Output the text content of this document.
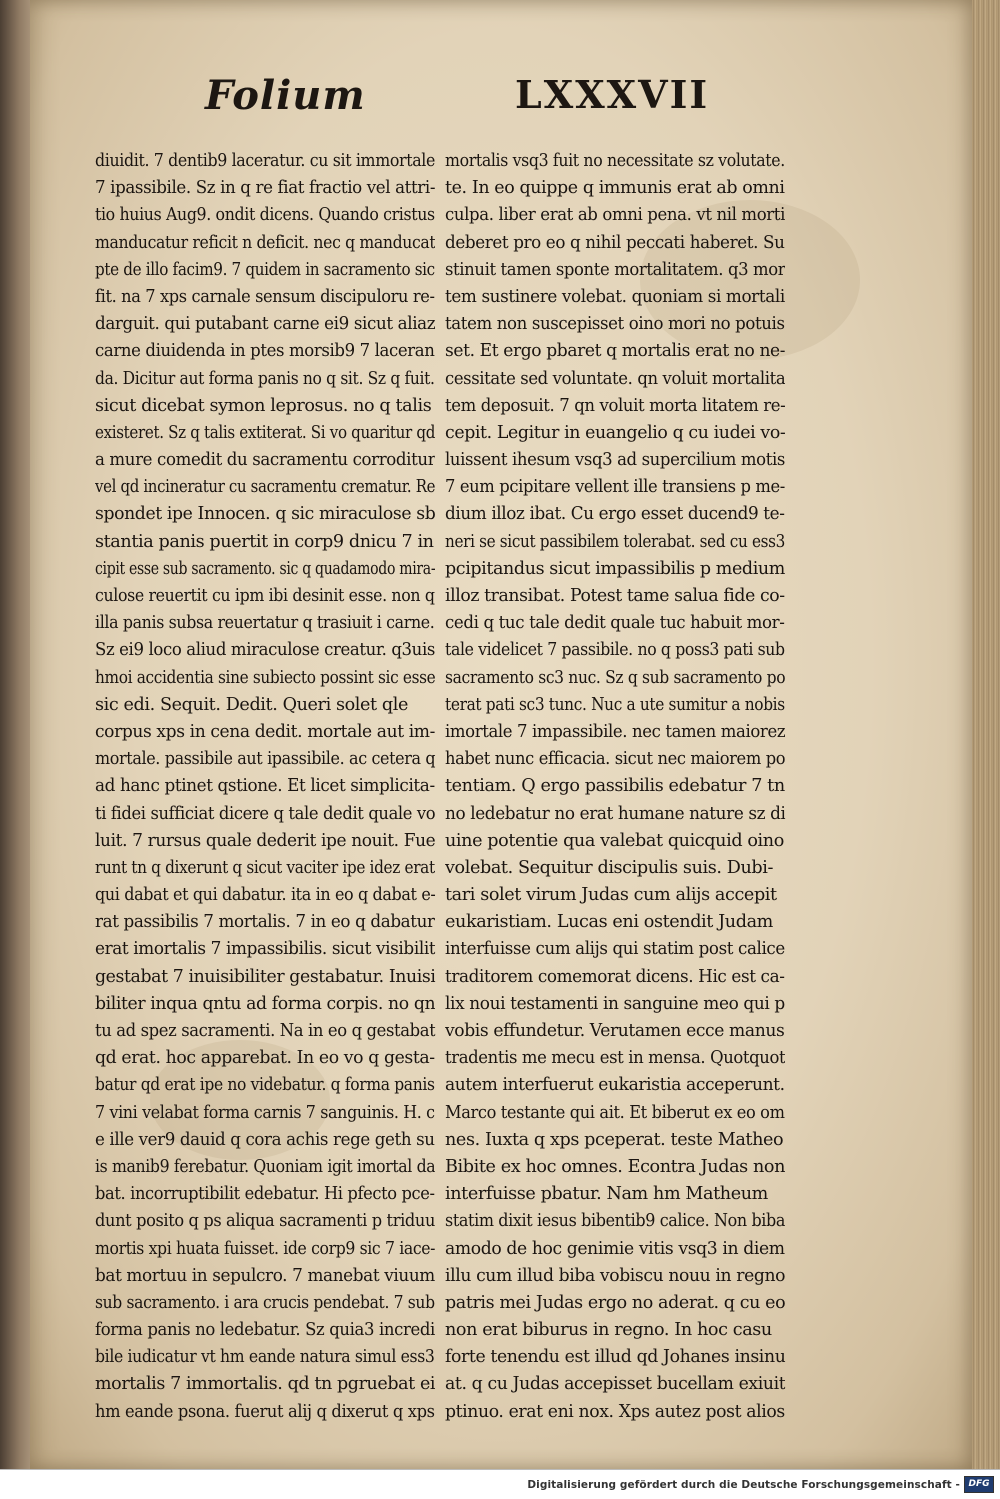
Folium	LXXXVII
diuidit. 7 dentib9 laceratur. cu sit immortale
7 ipassibile. Sz in q re fiat fractio vel attri-
tio huius Aug9. ondit dicens. Quando cristus
manducatur reficit n deficit. nec q manducat
pte de illo facim9. 7 quidem in sacramento sic
fit. na 7 xps carnale sensum discipuloru re-
darguit. qui putabant carne ei9 sicut aliaz
carne diuidenda in ptes morsib9 7 laceran
da. Dicitur aut forma panis no q sit. Sz q fuit.
sicut dicebat symon leprosus. no q talis
existeret. Sz q talis extiterat. Si vo quaritur qd
a mure comedit du sacramentu corroditur
vel qd incineratur cu sacramentu crematur. Re
spondet ipe Innocen. q sic miraculose sb
stantia panis puertit in corp9 dnicu 7 in
cipit esse sub sacramento. sic q quadamodo mira-
culose reuertit cu ipm ibi desinit esse. non q
illa panis subsa reuertatur q trasiuit i carne.
Sz ei9 loco aliud miraculose creatur. q3uis
hmoi accidentia sine subiecto possint sic esse
sic edi. Sequit. Dedit. Queri solet qle
corpus xps in cena dedit. mortale aut im-
mortale. passibile aut ipassibile. ac cetera q
ad hanc ptinet qstione. Et licet simplicita-
ti fidei sufficiat dicere q tale dedit quale vo
luit. 7 rursus quale dederit ipe nouit. Fue
runt tn q dixerunt q sicut vaciter ipe idez erat
qui dabat et qui dabatur. ita in eo q dabat e-
rat passibilis 7 mortalis. 7 in eo q dabatur
erat imortalis 7 impassibilis. sicut visibilit
gestabat 7 inuisibiliter gestabatur. Inuisi
biliter inqua qntu ad forma corpis. no qn
tu ad spez sacramenti. Na in eo q gestabat
qd erat. hoc apparebat. In eo vo q gesta-
batur qd erat ipe no videbatur. q forma panis
7 vini velabat forma carnis 7 sanguinis. H. c
e ille ver9 dauid q cora achis rege geth su
is manib9 ferebatur. Quoniam igit imortal da
bat. incorruptibilit edebatur. Hi pfecto pce-
dunt posito q ps aliqua sacramenti p triduu
mortis xpi huata fuisset. ide corp9 sic 7 iace-
bat mortuu in sepulcro. 7 manebat viuum
sub sacramento. i ara crucis pendebat. 7 sub
forma panis no ledebatur. Sz quia3 incredi
bile iudicatur vt hm eande natura simul ess3
mortalis 7 immortalis. qd tn pgruebat ei
hm eande psona. fuerut alij q dixerut q xps
mortalis vsq3 fuit no necessitate sz volutate.
te. In eo quippe q immunis erat ab omni
culpa. liber erat ab omni pena. vt nil morti
deberet pro eo q nihil peccati haberet. Su
stinuit tamen sponte mortalitatem. q3 mor
tem sustinere volebat. quoniam si mortali
tatem non suscepisset oino mori no potuis
set. Et ergo pbaret q mortalis erat no ne-
cessitate sed voluntate. qn voluit mortalita
tem deposuit. 7 qn voluit morta litatem re-
cepit. Legitur in euangelio q cu iudei vo-
luissent ihesum vsq3 ad supercilium motis
7 eum pcipitare vellent ille transiens p me-
dium illoz ibat. Cu ergo esset ducend9 te-
neri se sicut passibilem tolerabat. sed cu ess3
pcipitandus sicut impassibilis p medium
illoz transibat. Potest tame salua fide co-
cedi q tuc tale dedit quale tuc habuit mor-
tale videlicet 7 passibile. no q poss3 pati sub
sacramento sc3 nuc. Sz q sub sacramento po
terat pati sc3 tunc. Nuc a ute sumitur a nobis
imortale 7 impassibile. nec tamen maiorez
habet nunc efficacia. sicut nec maiorem po
tentiam. Q ergo passibilis edebatur 7 tn
no ledebatur no erat humane nature sz di
uine potentie qua valebat quicquid oino
volebat. Sequitur discipulis suis. Dubi-
tari solet virum Judas cum alijs accepit
eukaristiam. Lucas eni ostendit Judam
interfuisse cum alijs qui statim post calice
traditorem comemorat dicens. Hic est ca-
lix noui testamenti in sanguine meo qui p
vobis effundetur. Verutamen ecce manus
tradentis me mecu est in mensa. Quotquot
autem interfuerut eukaristia acceperunt.
Marco testante qui ait. Et biberut ex eo om
nes. Iuxta q xps pceperat. teste Matheo
Bibite ex hoc omnes. Econtra Judas non
interfuisse pbatur. Nam hm Matheum
statim dixit iesus bibentib9 calice. Non biba
amodo de hoc genimie vitis vsq3 in diem
illu cum illud biba vobiscu nouu in regno
patris mei Judas ergo no aderat. q cu eo
non erat biburus in regno. In hoc casu
forte tenendu est illud qd Johanes insinu
at. q cu Judas accepisset bucellam exiuit
ptinuo. erat eni nox. Xps autez post alios
Digitalisierung gefördert durch die Deutsche Forschungsgemeinschaft - DFG
